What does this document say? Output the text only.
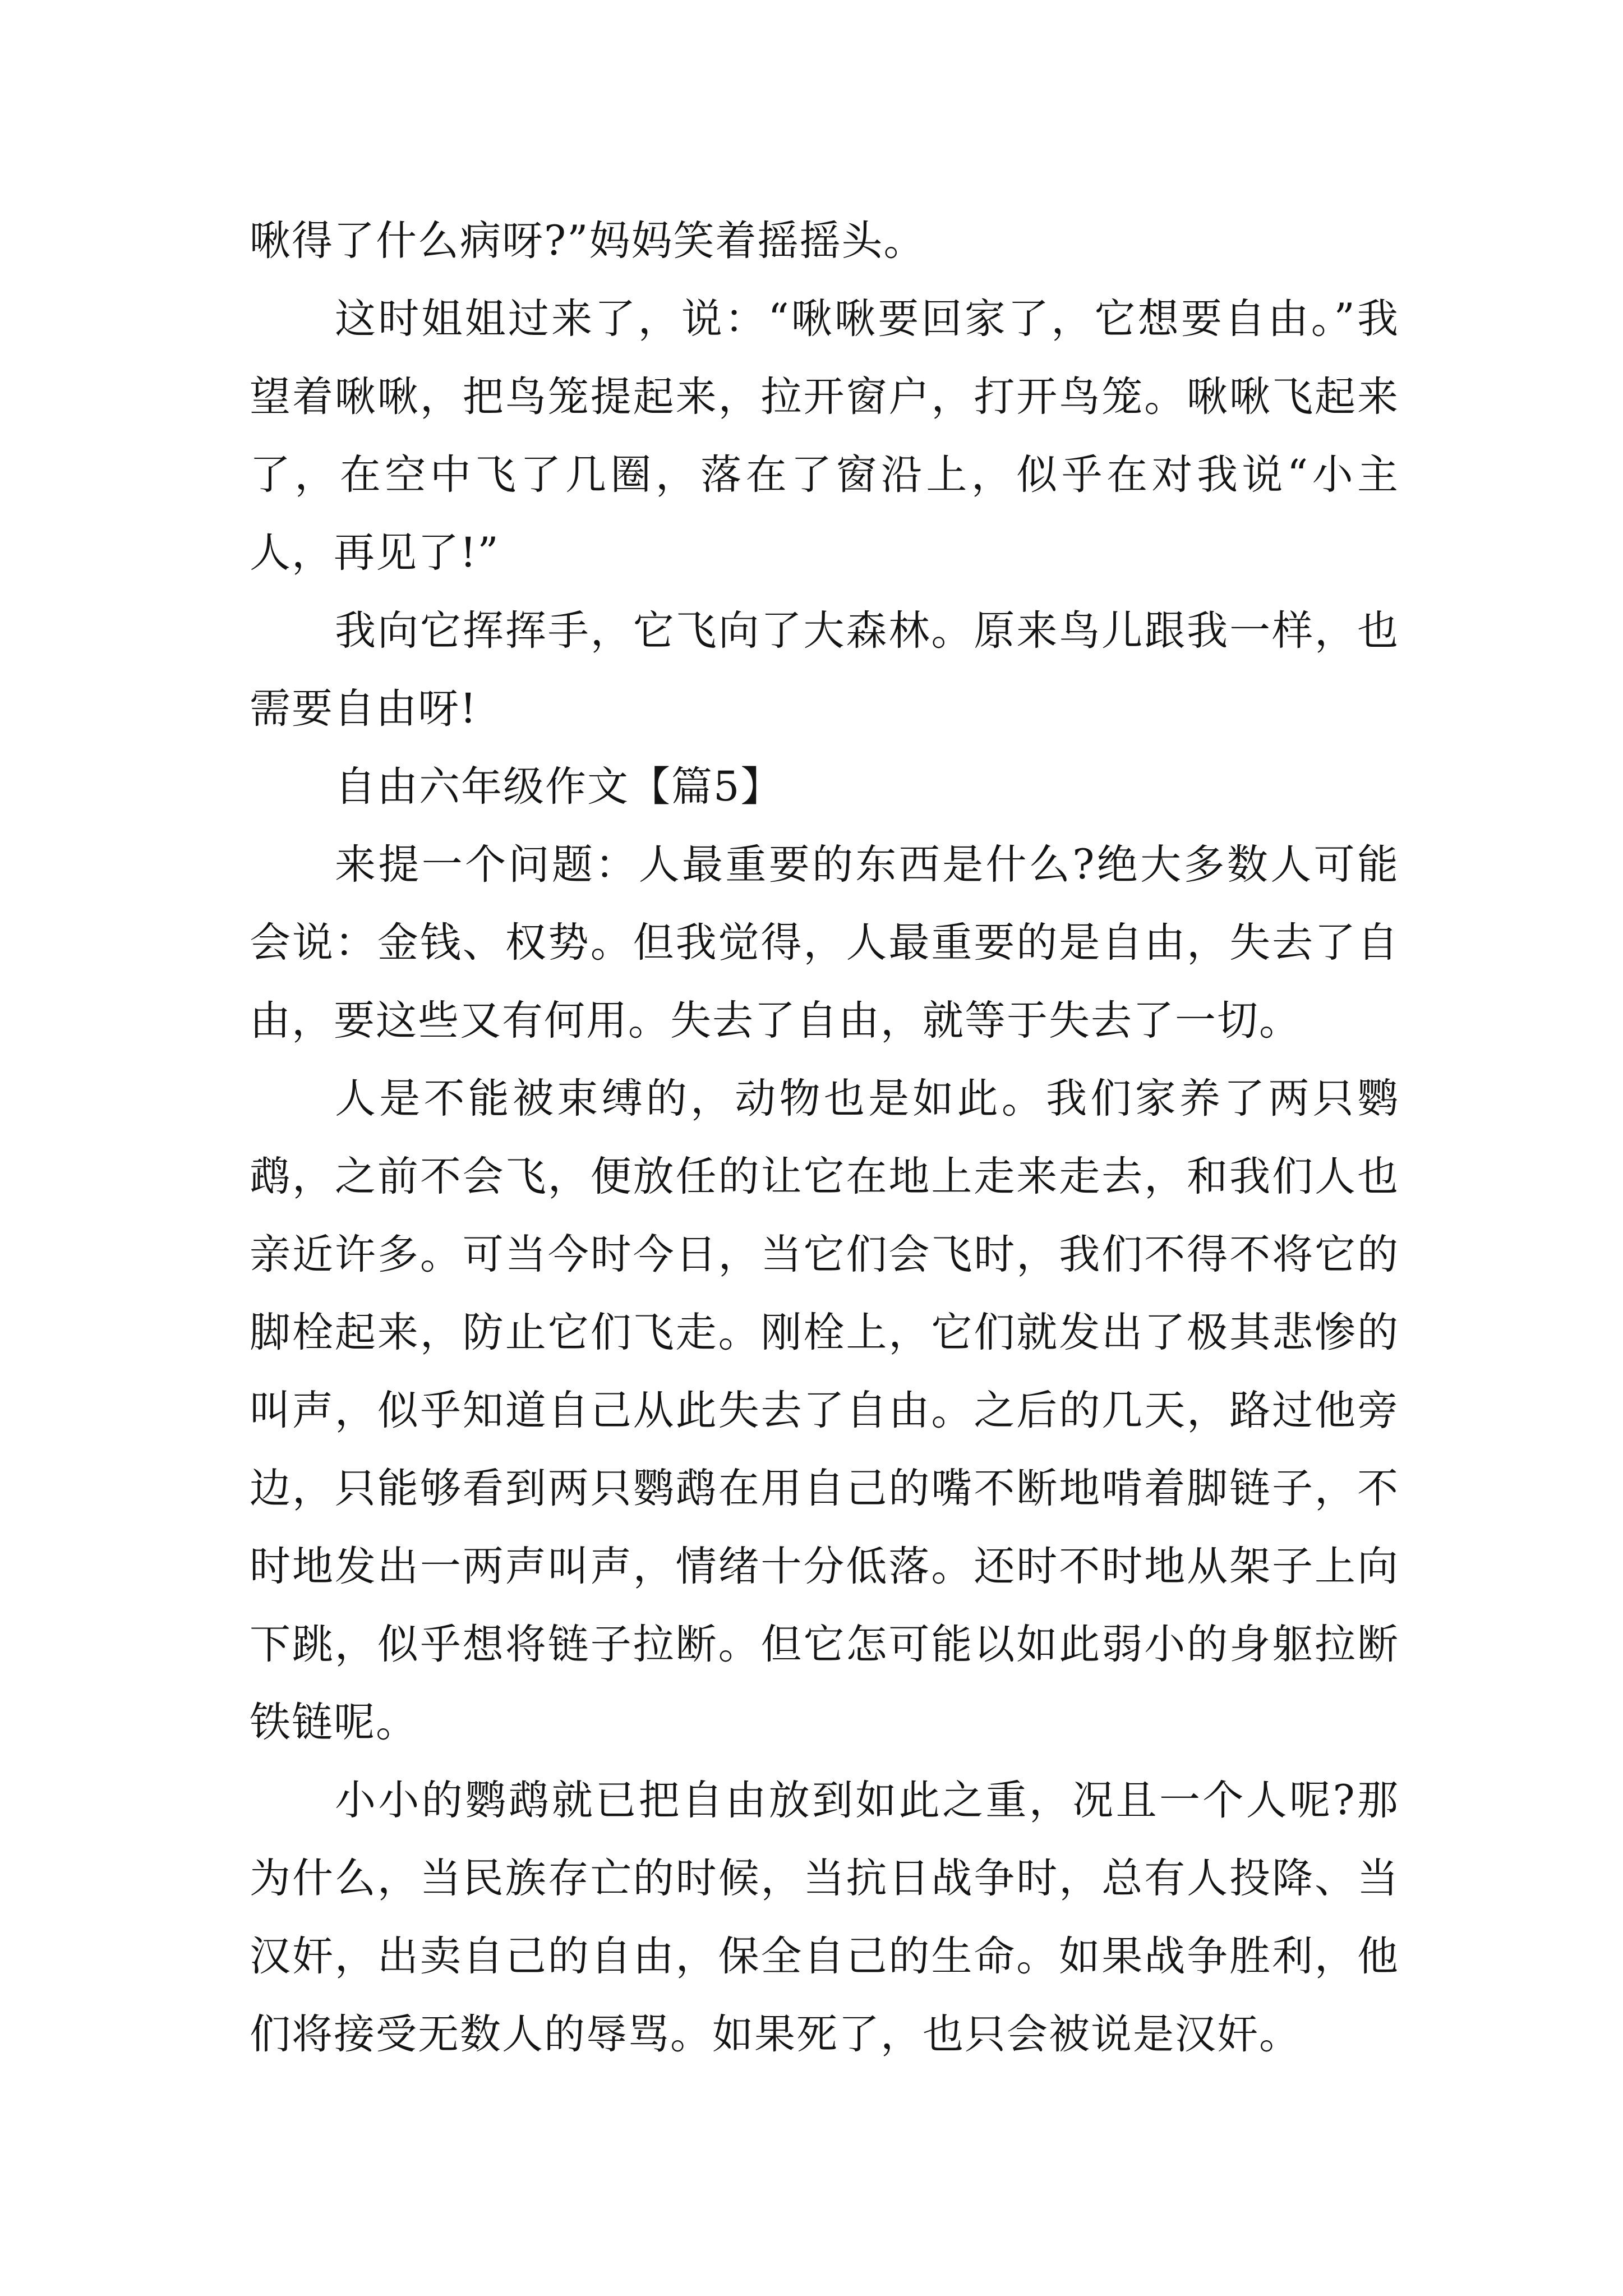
啾得了什么病呀?”妈妈笑着摇摇头。

这时姐姐过来了，说：“啾啾要回家了，它想要自由。”我望着啾啾，把鸟笼提起来，拉开窗户，打开鸟笼。啾啾飞起来了，在空中飞了几圈，落在了窗沿上，似乎在对我说“小主人，再见了!”

我向它挥挥手，它飞向了大森林。原来鸟儿跟我一样，也需要自由呀!

自由六年级作文【篇5】

来提一个问题：人最重要的东西是什么?绝大多数人可能会说：金钱、权势。但我觉得，人最重要的是自由，失去了自由，要这些又有何用。失去了自由，就等于失去了一切。

人是不能被束缚的，动物也是如此。我们家养了两只鹦鹉，之前不会飞，便放任的让它在地上走来走去，和我们人也亲近许多。可当今时今日，当它们会飞时，我们不得不将它的脚栓起来，防止它们飞走。刚栓上，它们就发出了极其悲惨的叫声，似乎知道自己从此失去了自由。之后的几天，路过他旁边，只能够看到两只鹦鹉在用自己的嘴不断地啃着脚链子，不时地发出一两声叫声，情绪十分低落。还时不时地从架子上向下跳，似乎想将链子拉断。但它怎可能以如此弱小的身躯拉断铁链呢。

小小的鹦鹉就已把自由放到如此之重，况且一个人呢?那为什么，当民族存亡的时候，当抗日战争时，总有人投降、当汉奸，出卖自己的自由，保全自己的生命。如果战争胜利，他们将接受无数人的辱骂。如果死了，也只会被说是汉奸。
